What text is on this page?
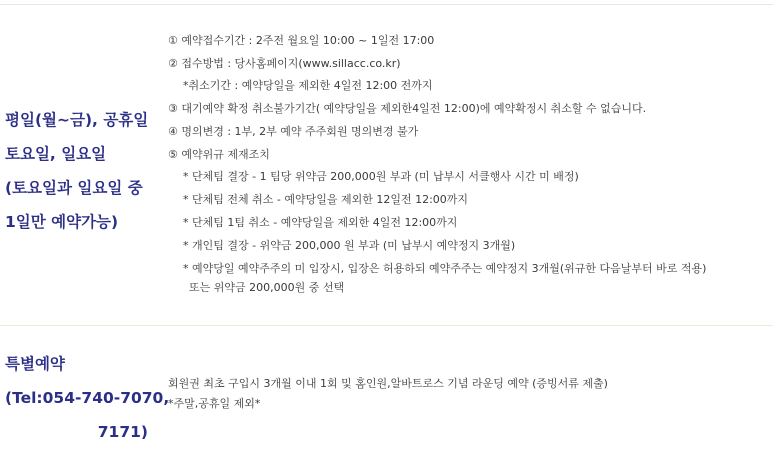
평일(월~금), 공휴일
토요일, 일요일
(토요일과 일요일 중
1일만 예약가능)
① 예약접수기간 : 2주전 월요일 10:00 ~ 1일전 17:00
② 접수방법 : 당사홈페이지(www.sillacc.co.kr)
*취소기간 : 예약당일을 제외한 4일전 12:00 전까지
③ 대기예약 확정 취소불가기간( 예약당일을 제외한4일전 12:00)에 예약확정시 취소할 수 없습니다.
④ 명의변경 : 1부, 2부 예약 주주회원 명의변경 불가
⑤ 예약위규 제재조치
* 단체팀 결장 - 1 팀당 위약금 200,000원 부과 (미 납부시 서클행사 시간 미 배정)
* 단체팀 전체 취소 - 예약당일을 제외한 12일전 12:00까지
* 단체팀 1팀 취소 - 예약당일을 제외한 4일전 12:00까지
* 개인팀 결장 - 위약금 200,000 원 부과 (미 납부시 예약정지 3개월)
* 예약당일 예약주주의 미 입장시, 입장은 허용하되 예약주주는 예약정지 3개월(위규한 다음날부터 바로 적용)
또는 위약금 200,000원 중 선택
특별예약
(Tel:054-740-7070,
7171)
회원권 최초 구입시 3개월 이내 1회 및 홈인원,알바트로스 기념 라운딩 예약 (증빙서류 제출)
*주말,공휴일 제외*
